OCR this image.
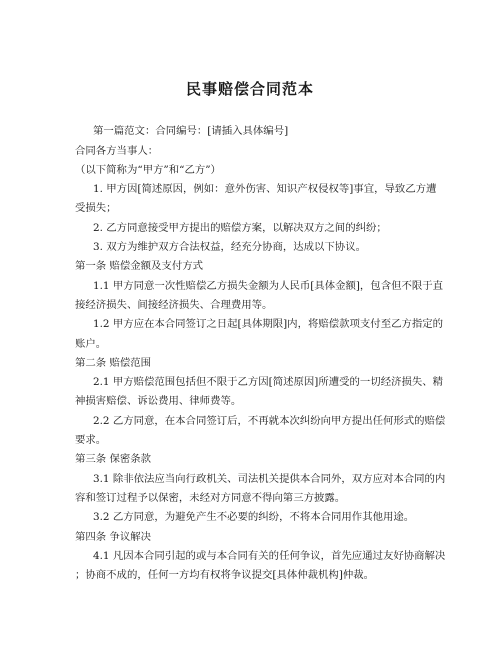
民事赔偿合同范本
第一篇范文：合同编号：[请插入具体编号]
合同各方当事人：
（以下简称为“甲方”和“乙方”）
1. 甲方因[简述原因，例如：意外伤害、知识产权侵权等]事宜，导致乙方遭
受损失；
2. 乙方同意接受甲方提出的赔偿方案，以解决双方之间的纠纷；
3. 双方为维护双方合法权益，经充分协商，达成以下协议。
第一条 赔偿金额及支付方式
1.1 甲方同意一次性赔偿乙方损失金额为人民币[具体金额]，包含但不限于直
接经济损失、间接经济损失、合理费用等。
1.2 甲方应在本合同签订之日起[具体期限]内，将赔偿款项支付至乙方指定的
账户。
第二条 赔偿范围
2.1 甲方赔偿范围包括但不限于乙方因[简述原因]所遭受的一切经济损失、精
神损害赔偿、诉讼费用、律师费等。
2.2 乙方同意，在本合同签订后，不再就本次纠纷向甲方提出任何形式的赔偿
要求。
第三条 保密条款
3.1 除非依法应当向行政机关、司法机关提供本合同外，双方应对本合同的内
容和签订过程予以保密，未经对方同意不得向第三方披露。
3.2 乙方同意，为避免产生不必要的纠纷，不将本合同用作其他用途。
第四条 争议解决
4.1 凡因本合同引起的或与本合同有关的任何争议，首先应通过友好协商解决
；协商不成的，任何一方均有权将争议提交[具体仲裁机构]仲裁。
